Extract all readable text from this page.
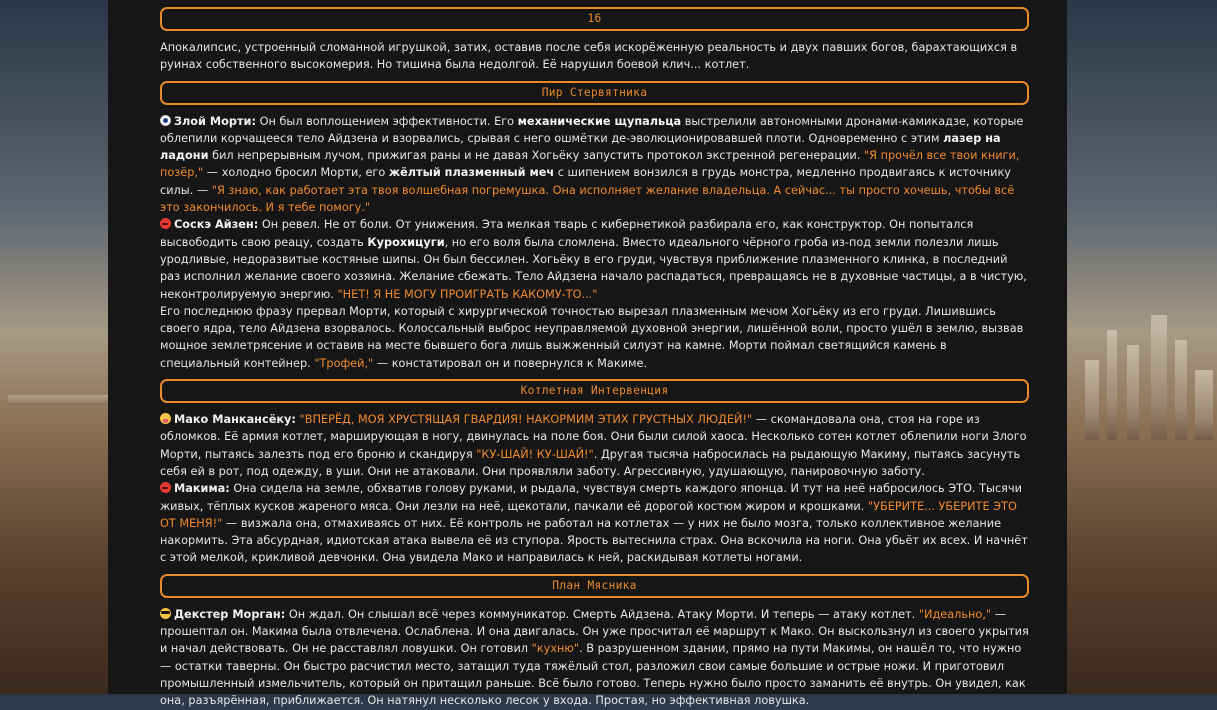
16

Апокалипсис, устроенный сломанной игрушкой, затих, оставив после себя искорёженную реальность и двух павших богов, барахтающихся в руинах собственного высокомерия. Но тишина была недолгой. Её нарушил боевой клич... котлет.

Пир Стервятника

Злой Морти: Он был воплощением эффективности. Его механические щупальца выстрелили автономными дронами-камикадзе, которые облепили корчащееся тело Айдзена и взорвались, срывая с него ошмётки де-эволюционировавшей плоти. Одновременно с этим лазер на ладони бил непрерывным лучом, прижигая раны и не давая Хогьёку запустить протокол экстренной регенерации. "Я прочёл все твои книги, позёр," — холодно бросил Морти, его жёлтый плазменный меч с шипением вонзился в грудь монстра, медленно продвигаясь к источнику силы. — "Я знаю, как работает эта твоя волшебная погремушка. Она исполняет желание владельца. А сейчас... ты просто хочешь, чтобы всё это закончилось. И я тебе помогу."

Соскэ Айзен: Он ревел. Не от боли. От унижения. Эта мелкая тварь с кибернетикой разбирала его, как конструктор. Он попытался высвободить свою реацу, создать Курохицуги, но его воля была сломлена. Вместо идеального чёрного гроба из-под земли полезли лишь уродливые, недоразвитые костяные шипы. Он был бессилен. Хогьёку в его груди, чувствуя приближение плазменного клинка, в последний раз исполнил желание своего хозяина. Желание сбежать. Тело Айдзена начало распадаться, превращаясь не в духовные частицы, а в чистую, неконтролируемую энергию. "НЕТ! Я НЕ МОГУ ПРОИГРАТЬ КАКОМУ-ТО..."

Его последнюю фразу прервал Морти, который с хирургической точностью вырезал плазменным мечом Хогьёку из его груди. Лишившись своего ядра, тело Айдзена взорвалось. Колоссальный выброс неуправляемой духовной энергии, лишённой воли, просто ушёл в землю, вызвав мощное землетрясение и оставив на месте бывшего бога лишь выжженный силуэт на камне. Морти поймал светящийся камень в специальный контейнер. "Трофей," — констатировал он и повернулся к Макиме.

Котлетная Интервенция

Мако Манкансёку: "ВПЕРЁД, МОЯ ХРУСТЯЩАЯ ГВАРДИЯ! НАКОРМИМ ЭТИХ ГРУСТНЫХ ЛЮДЕЙ!" — скомандовала она, стоя на горе из обломков. Её армия котлет, марширующая в ногу, двинулась на поле боя. Они были силой хаоса. Несколько сотен котлет облепили ноги Злого Морти, пытаясь залезть под его броню и скандируя "КУ-ШАЙ! КУ-ШАЙ!". Другая тысяча набросилась на рыдающую Макиму, пытаясь засунуть себя ей в рот, под одежду, в уши. Они не атаковали. Они проявляли заботу. Агрессивную, удушающую, панировочную заботу.

Макима: Она сидела на земле, обхватив голову руками, и рыдала, чувствуя смерть каждого японца. И тут на неё набросилось ЭТО. Тысячи живых, тёплых кусков жареного мяса. Они лезли на неё, щекотали, пачкали её дорогой костюм жиром и крошками. "УБЕРИТЕ... УБЕРИТЕ ЭТО ОТ МЕНЯ!" — визжала она, отмахиваясь от них. Её контроль не работал на котлетах — у них не было мозга, только коллективное желание накормить. Эта абсурдная, идиотская атака вывела её из ступора. Ярость вытеснила страх. Она вскочила на ноги. Она убьёт их всех. И начнёт с этой мелкой, крикливой девчонки. Она увидела Мако и направилась к ней, раскидывая котлеты ногами.

План Мясника

Декстер Морган: Он ждал. Он слышал всё через коммуникатор. Смерть Айдзена. Атаку Морти. И теперь — атаку котлет. "Идеально," — прошептал он. Макима была отвлечена. Ослаблена. И она двигалась. Он уже просчитал её маршрут к Мако. Он выскользнул из своего укрытия и начал действовать. Он не расставлял ловушки. Он готовил "кухню". В разрушенном здании, прямо на пути Макимы, он нашёл то, что нужно — остатки таверны. Он быстро расчистил место, затащил туда тяжёлый стол, разложил свои самые большие и острые ножи. И приготовил промышленный измельчитель, который он притащил раньше. Всё было готово. Теперь нужно было просто заманить её внутрь. Он увидел, как она, разъярённая, приближается. Он натянул несколько лесок у входа. Простая, но эффективная ловушка.
